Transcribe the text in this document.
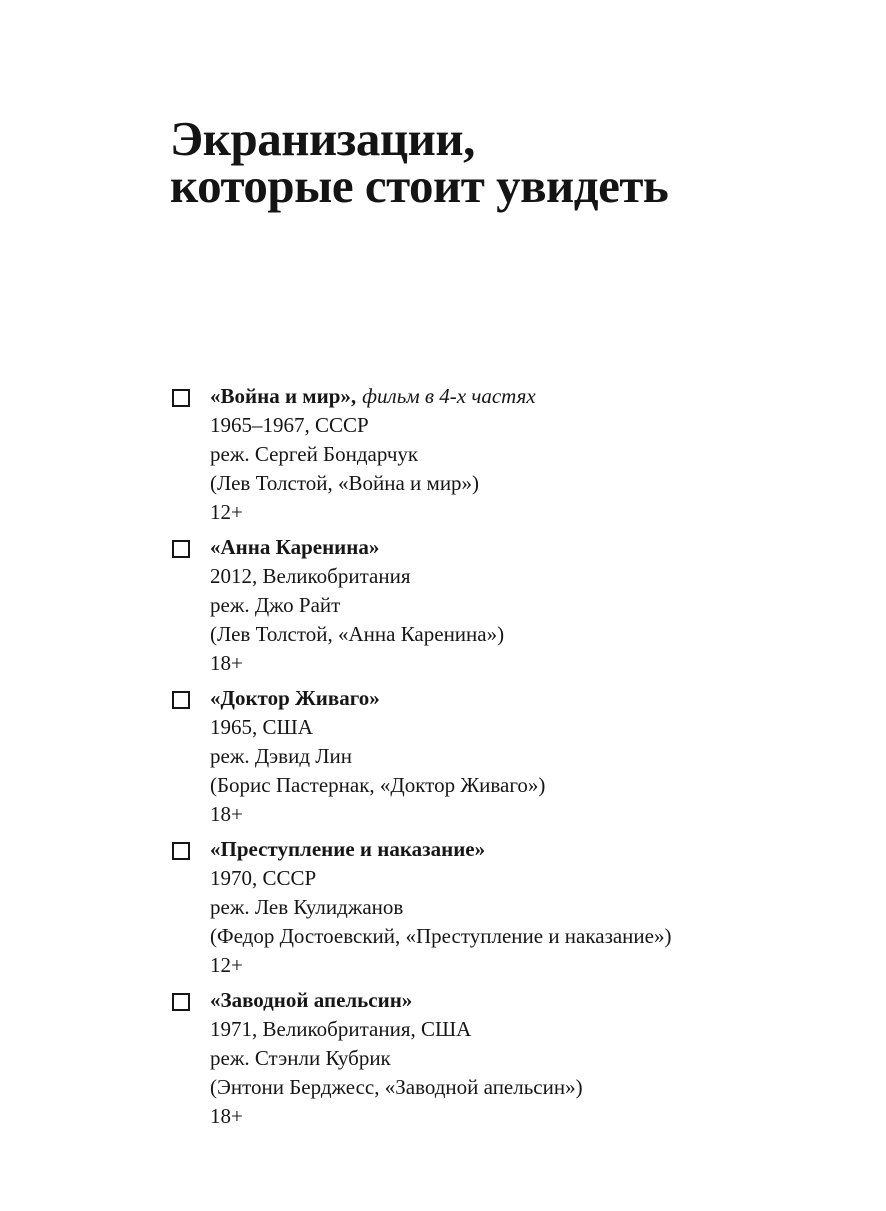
Экранизации,
которые стоит увидеть
«Война и мир», фильм в 4-х частях
1965–1967, СССР
реж. Сергей Бондарчук
(Лев Толстой, «Война и мир»)
12+
«Анна Каренина»
2012, Великобритания
реж. Джо Райт
(Лев Толстой, «Анна Каренина»)
18+
«Доктор Живаго»
1965, США
реж. Дэвид Лин
(Борис Пастернак, «Доктор Живаго»)
18+
«Преступление и наказание»
1970, СССР
реж. Лев Кулиджанов
(Федор Достоевский, «Преступление и наказание»)
12+
«Заводной апельсин»
1971, Великобритания, США
реж. Стэнли Кубрик
(Энтони Берджесс, «Заводной апельсин»)
18+
